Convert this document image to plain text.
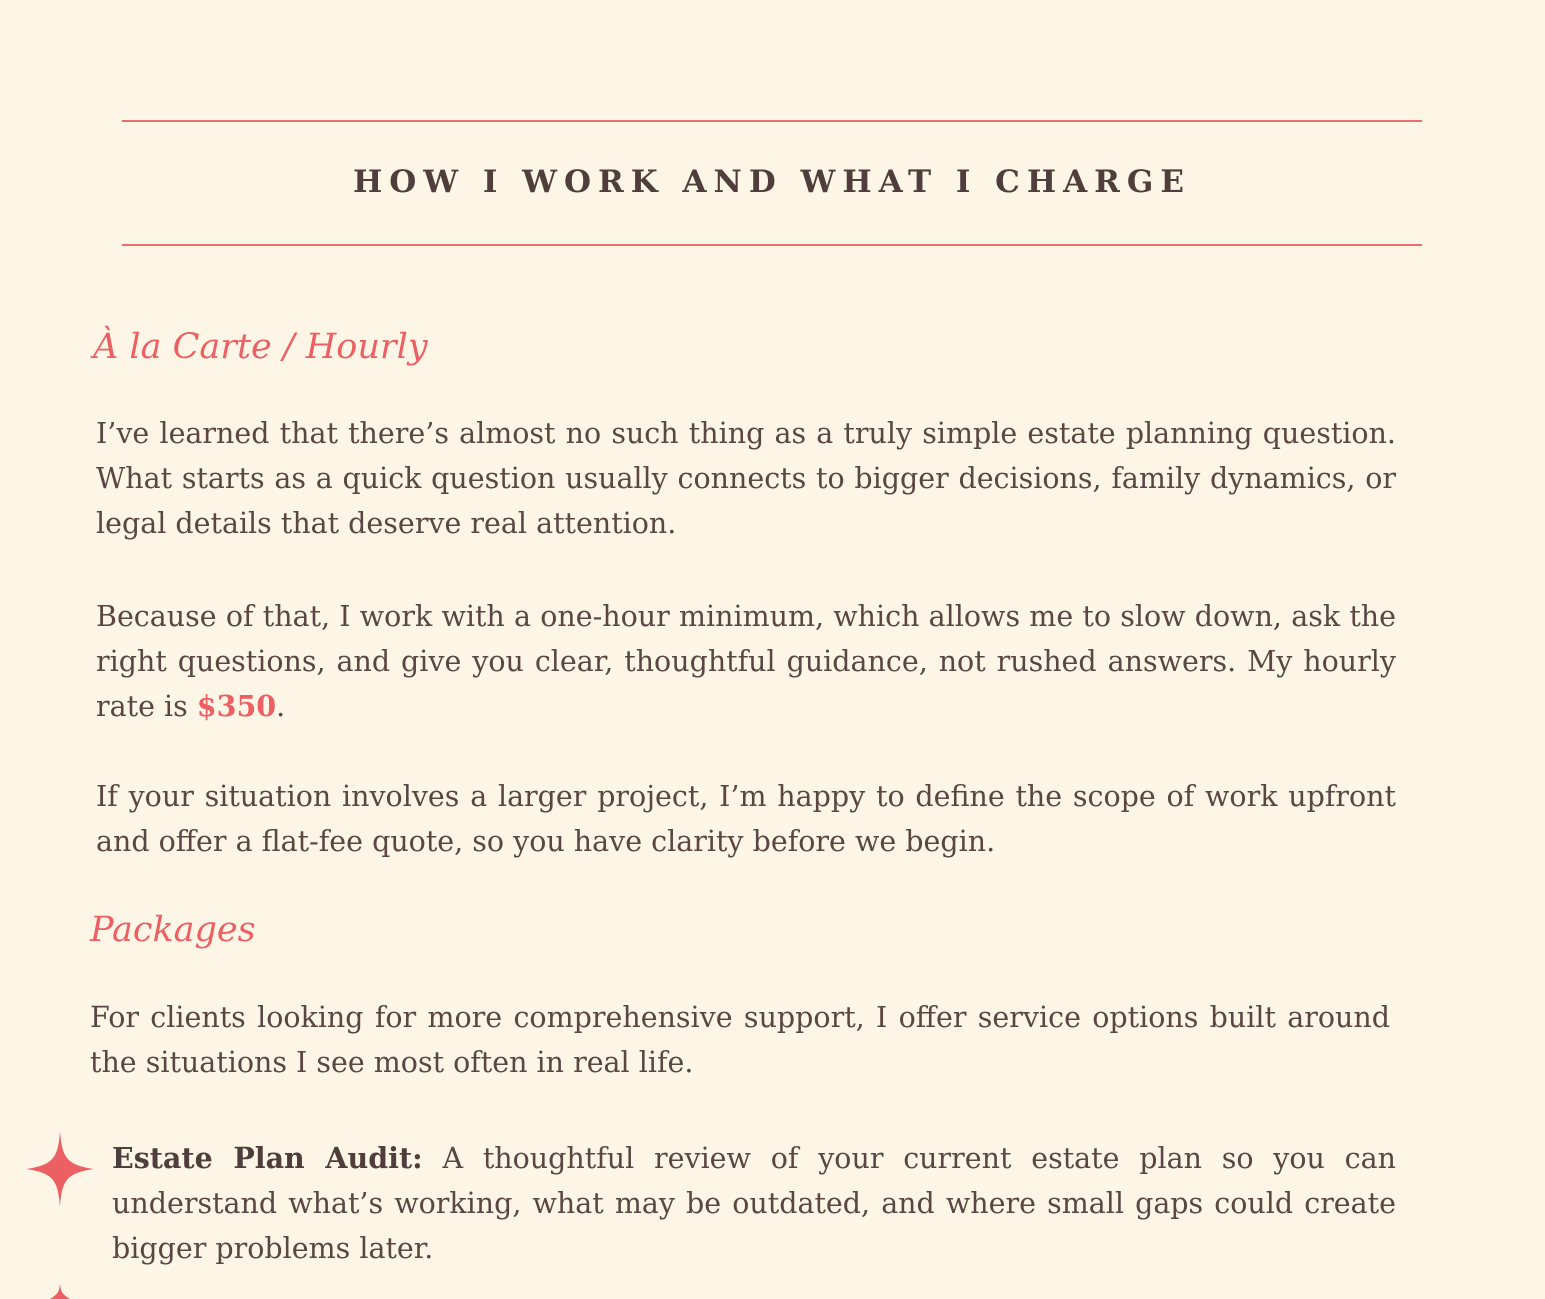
HOW I WORK AND WHAT I CHARGE
À la Carte / Hourly

I’ve learned that there’s almost no such thing as a truly simple estate planning question. What starts as a quick question usually connects to bigger decisions, family dynamics, or legal details that deserve real attention.

Because of that, I work with a one-hour minimum, which allows me to slow down, ask the right questions, and give you clear, thoughtful guidance, not rushed answers. My hourly rate is $350.

If your situation involves a larger project, I’m happy to define the scope of work upfront and offer a flat-fee quote, so you have clarity before we begin.

Packages

For clients looking for more comprehensive support, I offer service options built around the situations I see most often in real life.

Estate Plan Audit: A thoughtful review of your current estate plan so you can understand what’s working, what may be outdated, and where small gaps could create bigger problems later.
